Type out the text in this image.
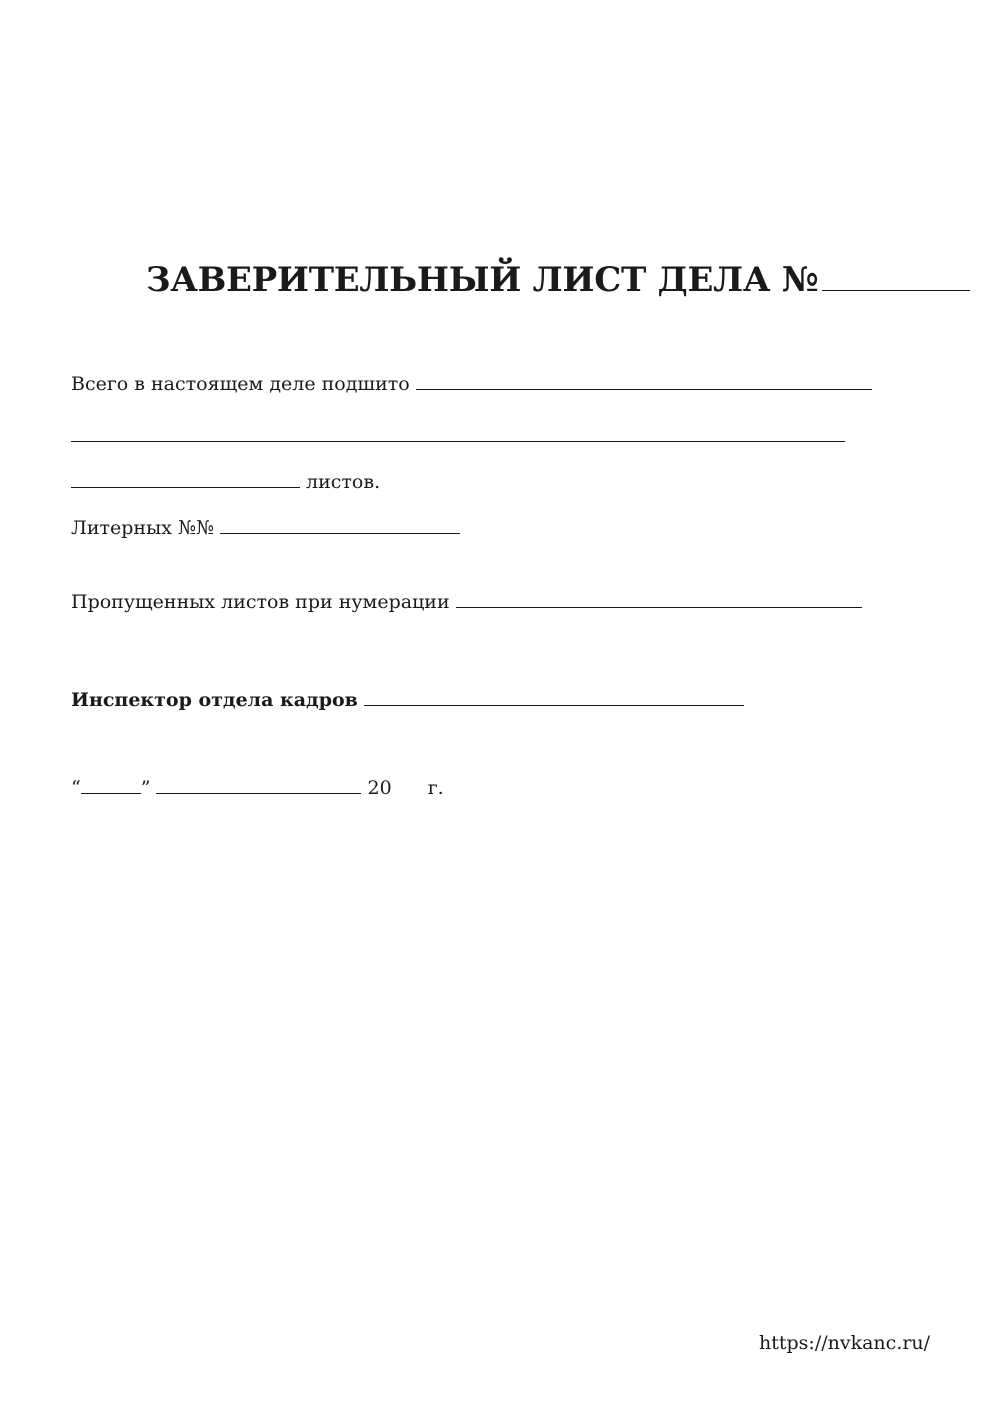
ЗАВЕРИТЕЛЬНЫЙ ЛИСТ ДЕЛА №
Всего в настоящем деле подшито
листов.
Литерных №№
Пропущенных листов при нумерации
Инспектор отдела кадров
“	”	20 г.
https://nvkanc.ru/
